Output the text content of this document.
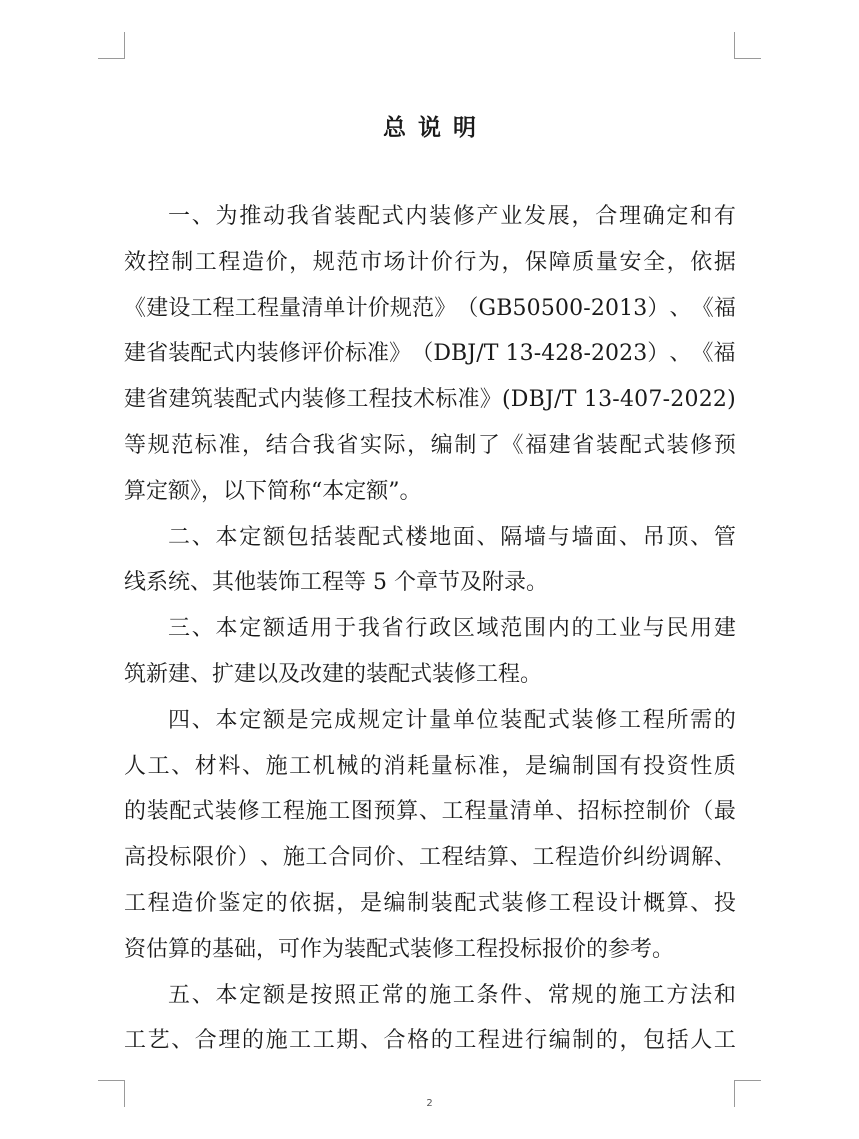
总说明
一 、 为 推 动 我 省 装 配 式 内 装 修 产 业 发 展 ， 合 理 确 定 和 有
效 控 制 工 程 造 价 ， 规 范 市 场 计 价 行 为 ， 保 障 质 量 安 全 ， 依 据
《 建 设 工 程 工 程 量 清 单 计 价 规 范 》 （ G B 5 0 5 0 0 - 2 0 1 3 ） 、 《 福
建 省 装 配 式 内 装 修 评 价 标 准 》 （ D B J / T
1 3 - 4 2 8 - 2 0 2 3 ） 、 《 福
建 省 建 筑 装 配 式 内 装 修 工 程 技 术 标 准 》 ( D B J / T
1 3 - 4 0 7 - 2 0 2 2 )
等 规 范 标 准 ， 结 合 我 省 实 际 ， 编 制 了 《 福 建 省 装 配 式 装 修 预
算定额》，以下简称“本定额”。
二 、 本 定 额 包 括 装 配 式 楼 地 面 、 隔 墙 与 墙 面 、 吊 顶 、 管
线系统、其他装饰工程等 5 个章节及附录。
三 、 本 定 额 适 用 于 我 省 行 政 区 域 范 围 内 的 工 业 与 民 用 建
筑新建、扩建以及改建的装配式装修工程。
四 、 本 定 额 是 完 成 规 定 计 量 单 位 装 配 式 装 修 工 程 所 需 的
人 工 、 材 料 、 施 工 机 械 的 消 耗 量 标 准 ， 是 编 制 国 有 投 资 性 质
的 装 配 式 装 修 工 程 施 工 图 预 算 、 工 程 量 清 单 、 招 标 控 制 价 （ 最
高 投 标 限 价 ） 、 施 工 合 同 价 、 工 程 结 算 、 工 程 造 价 纠 纷 调 解 、
工 程 造 价 鉴 定 的 依 据 ， 是 编 制 装 配 式 装 修 工 程 设 计 概 算 、 投
资估算的基础，可作为装配式装修工程投标报价的参考。
五 、 本 定 额 是 按 照 正 常 的 施 工 条 件 、 常 规 的 施 工 方 法 和
工 艺 、 合 理 的 施 工 工 期 、 合 格 的 工 程 进 行 编 制 的 ， 包 括 人 工
2
